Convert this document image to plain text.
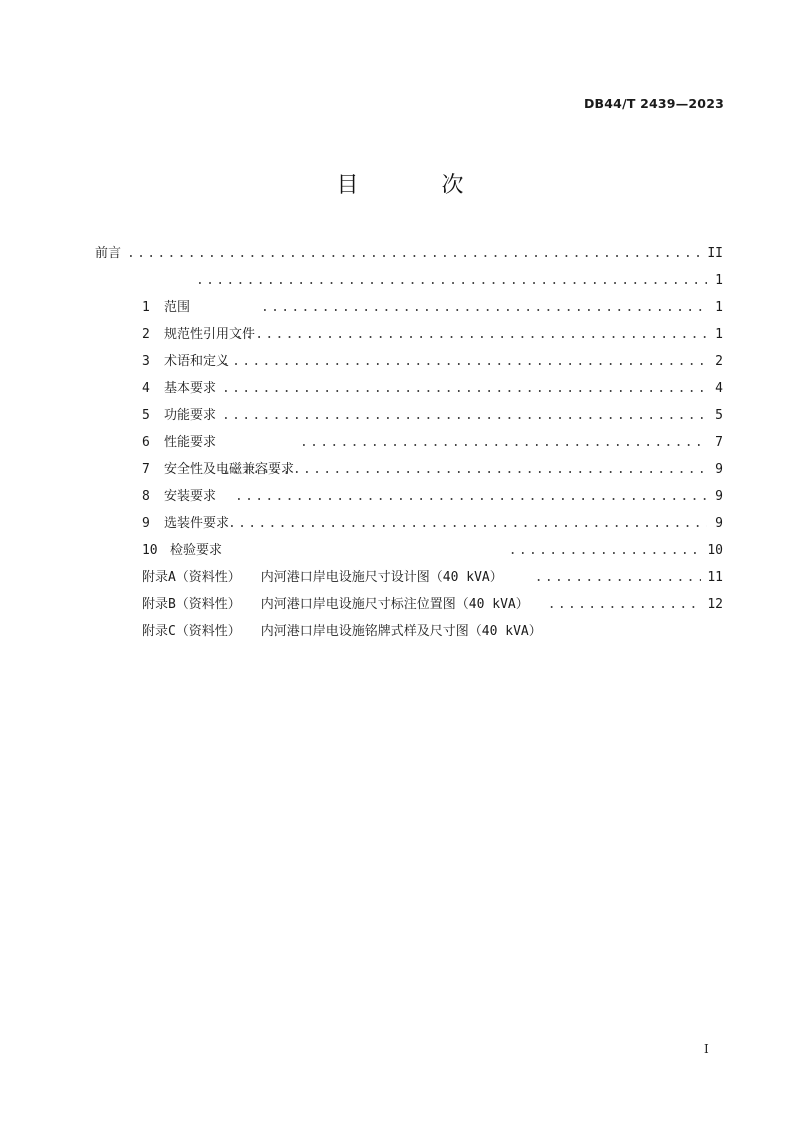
DB44/T 2439—2023
目 次
前言
.....	II

1 范围

.....
1

2 规范性引用文件

.....
1

3 术语和定义

.....
1

4 基本要求

.....
2

5 功能要求

.....
4

6 性能要求

.....
5

7 安全性及电磁兼容要求

.....
7

8 安装要求

.....
9

9 选装件要求

.....
9

10 检验要求

.....
9

附录A（资料性） 内河港口岸电设施尺寸设计图（40 kVA）

.....
10

附录B（资料性） 内河港口岸电设施尺寸标注位置图（40 kVA）

.....
11

附录C（资料性） 内河港口岸电设施铭牌式样及尺寸图（40 kVA）

.....
12
I
